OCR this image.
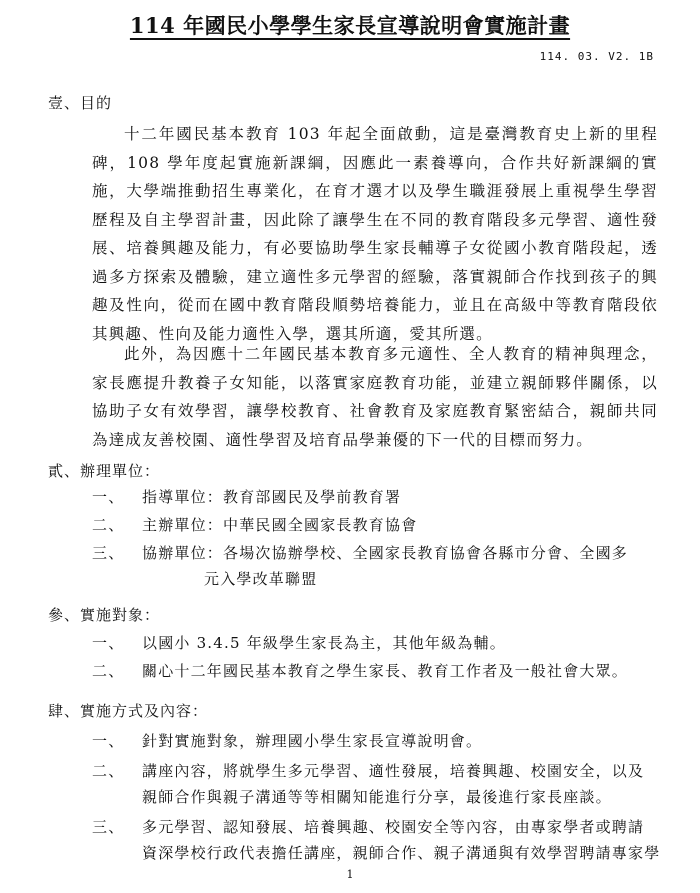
114 年國民小學學生家長宣導說明會實施計畫
114. 03. V2. 1B
壹、目的
十二年國民基本教育 103 年起全面啟動，這是臺灣教育史上新的里程碑，108 學年度起實施新課綱，因應此一素養導向，合作共好新課綱的實施，大學端推動招生專業化，在育才選才以及學生職涯發展上重視學生學習歷程及自主學習計畫，因此除了讓學生在不同的教育階段多元學習、適性發展、培養興趣及能力，有必要協助學生家長輔導子女從國小教育階段起，透過多方探索及體驗，建立適性多元學習的經驗，落實親師合作找到孩子的興趣及性向，從而在國中教育階段順勢培養能力，並且在高級中等教育階段依其興趣、性向及能力適性入學，選其所適，愛其所選。
此外，為因應十二年國民基本教育多元適性、全人教育的精神與理念，家長應提升教養子女知能，以落實家庭教育功能，並建立親師夥伴關係，以協助子女有效學習，讓學校教育、社會教育及家庭教育緊密結合，親師共同為達成友善校園、適性學習及培育品學兼優的下一代的目標而努力。
貳、辦理單位：
一、 指導單位：教育部國民及學前教育署
二、 主辦單位：中華民國全國家長教育協會
三、 協辦單位：各場次協辦學校、全國家長教育協會各縣市分會、全國多
元入學改革聯盟
參、實施對象：
一、 以國小 3.4.5 年級學生家長為主，其他年級為輔。
二、 關心十二年國民基本教育之學生家長、教育工作者及一般社會大眾。
肆、實施方式及內容：
一、 針對實施對象，辦理國小學生家長宣導說明會。
二、 講座內容，將就學生多元學習、適性發展，培養興趣、校園安全，以及
親師合作與親子溝通等等相關知能進行分享，最後進行家長座談。
三、 多元學習、認知發展、培養興趣、校園安全等內容，由專家學者或聘請
資深學校行政代表擔任講座，親師合作、親子溝通與有效學習聘請專家學
1
